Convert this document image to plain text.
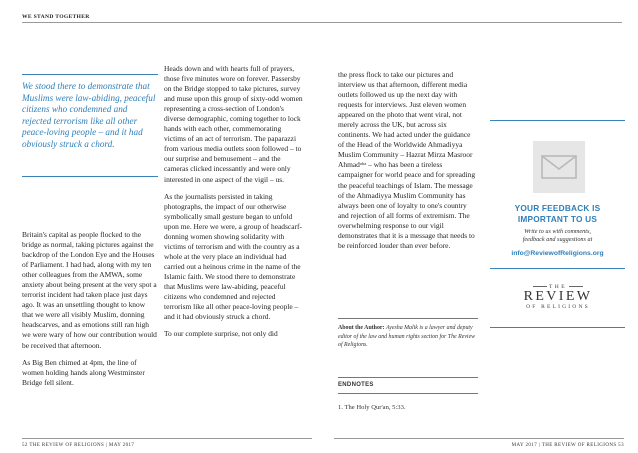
WE STAND TOGETHER
We stood there to demonstrate that Muslims were law-abiding, peaceful citizens who condemned and rejected terrorism like all other peace-loving people – and it had obviously struck a chord.

Britain's capital as people flocked to the bridge as normal, taking pictures against the backdrop of the London Eye and the Houses of Parliament. I had had, along with my ten other colleagues from the AMWA, some anxiety about being present at the very spot a terrorist incident had taken place just days ago. It was an unsettling thought to know that we were all visibly Muslim, donning headscarves, and as emotions still ran high we were wary of how our contribution would be received that afternoon.

As Big Ben chimed at 4pm, the line of women holding hands along Westminster Bridge fell silent.

Heads down and with hearts full of prayers, those five minutes wore on forever. Passersby on the Bridge stopped to take pictures, survey and muse upon this group of sixty-odd women representing a cross-section of London's diverse demographic, coming together to lock hands with each other, commemorating victims of an act of terrorism. The paparazzi from various media outlets soon followed – to our surprise and bemusement – and the cameras clicked incessantly and were only interested in one aspect of the vigil – us.

As the journalists persisted in taking photographs, the impact of our otherwise symbolically small gesture began to unfold upon me. Here we were, a group of headscarf-donning women showing solidarity with victims of terrorism and with the country as a whole at the very place an individual had carried out a heinous crime in the name of the Islamic faith. We stood there to demonstrate that Muslims were law-abiding, peaceful citizens who condemned and rejected terrorism like all other peace-loving people – and it had obviously struck a chord.

To our complete surprise, not only did

the press flock to take our pictures and interview us that afternoon, different media outlets followed us up the next day with requests for interviews. Just eleven women appeared on the photo that went viral, not merely across the UK, but across six continents. We had acted under the guidance of the Head of the Worldwide Ahmadiyya Muslim Community – Hazrat Mirza Masroor Ahmadᵃᵇᵃ – who has been a tireless campaigner for world peace and for spreading the peaceful teachings of Islam. The message of the Ahmadiyya Muslim Community has always been one of loyalty to one's country and rejection of all forms of extremism. The overwhelming response to our vigil demonstrates that it is a message that needs to be reinforced louder than ever before.

About the Author: Ayesha Malik is a lawyer and deputy editor of the law and human rights section for The Review of Religions.
ENDNOTES
1. The Holy Qur'an, 5:33.
YOUR FEEDBACK IS
IMPORTANT TO US
Write to us with comments,
feedback and suggestions at
info@ReviewofReligions.org
THE
REVIEW
OF RELIGIONS
52 THE REVIEW OF RELIGIONS | MAY 2017	MAY 2017 | THE REVIEW OF RELIGIONS 53
